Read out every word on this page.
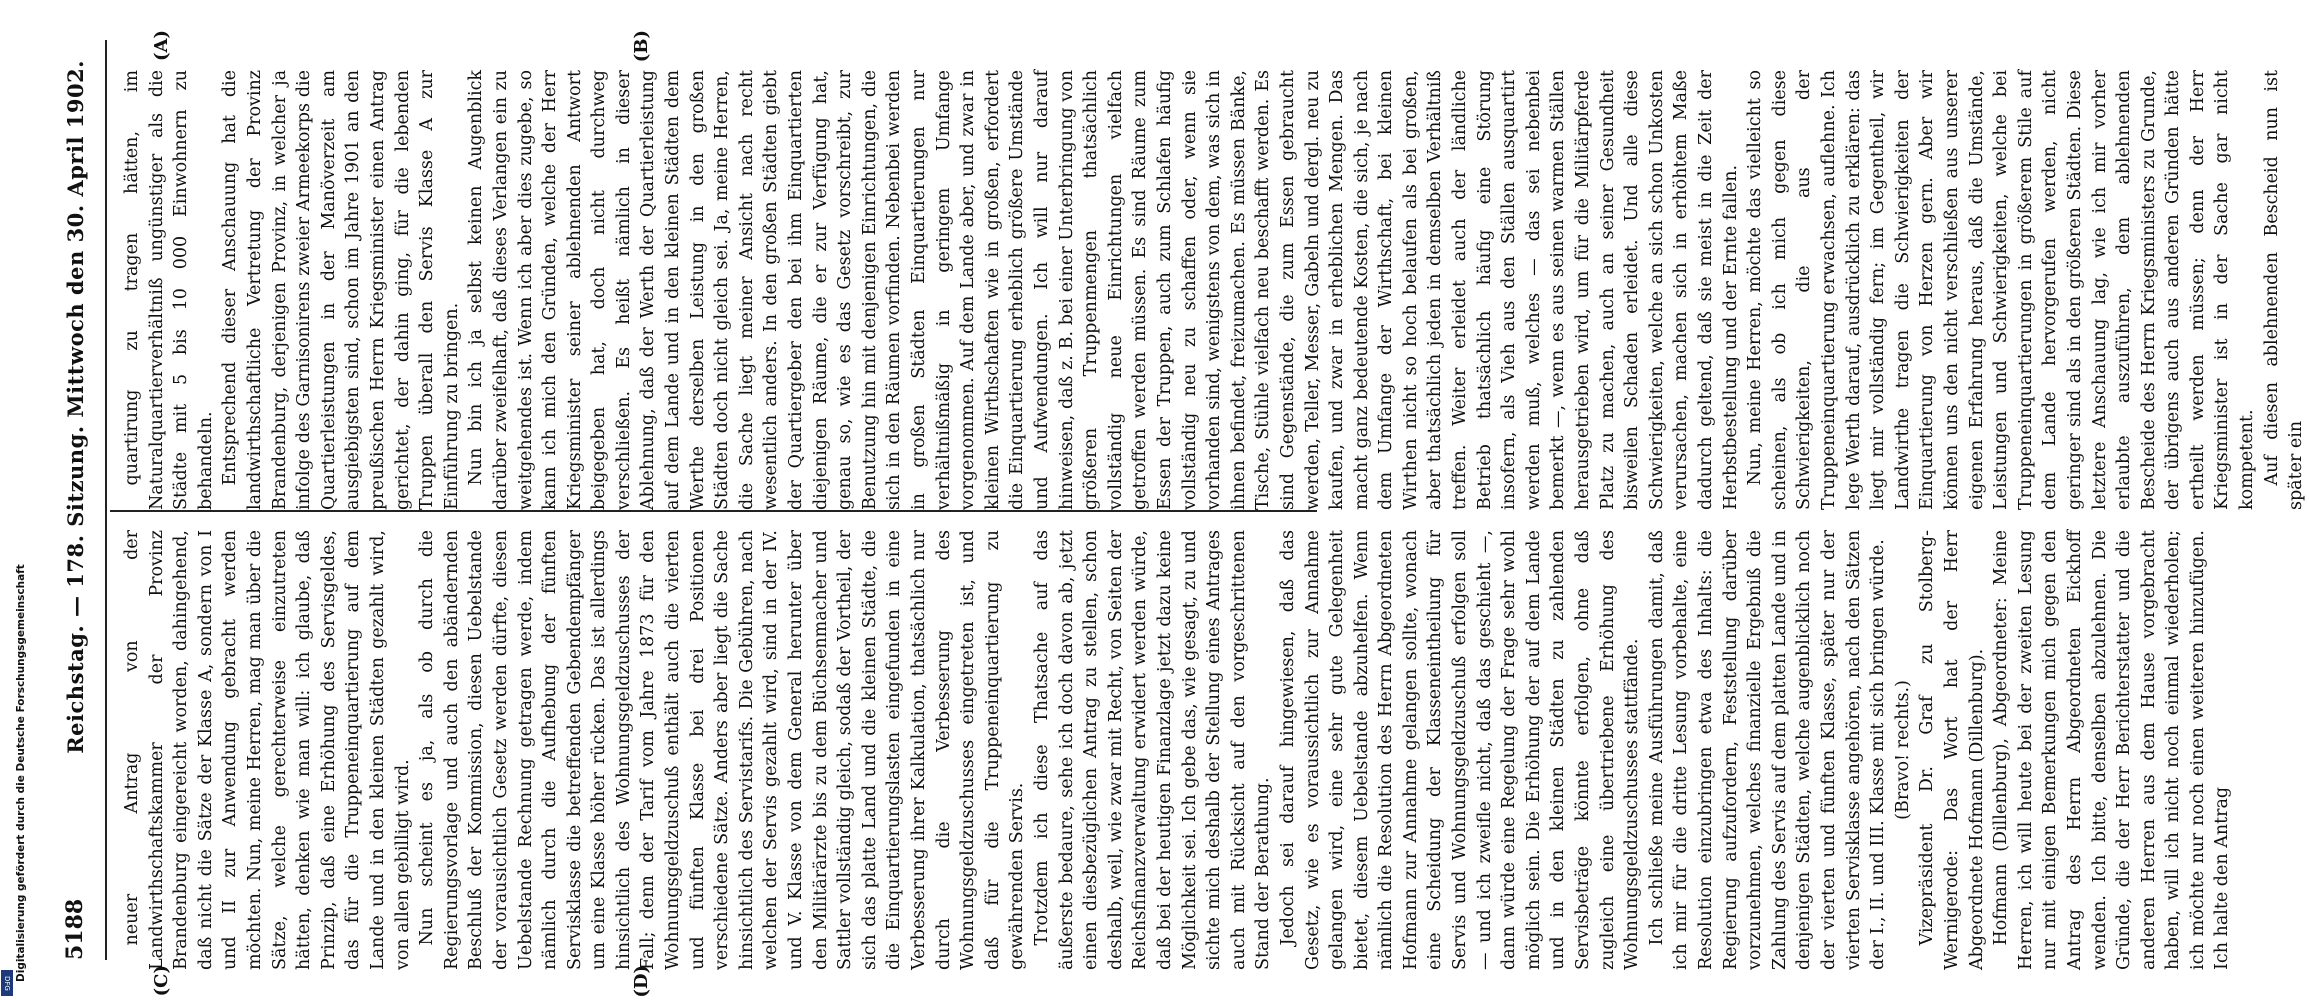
5188
Reichstag. — 178. Sitzung. Mittwoch den 30. April 1902. quartirung zu tragen hätten, im Naturalquartierverhältniß ungünstiger als die Städte mit 5 bis 10 000 Einwohnern zu behandeln. Entsprechend dieser Anschauung hat die landwirthschaftliche Vertretung der Provinz Brandenburg, derjenigen Provinz, in welcher ja infolge des Garnisonirens zweier Armeekorps die Quartierleistungen in der Manöverzeit am ausgiebigsten sind, schon im Jahre 1901 an den preußischen Herrn Kriegsminister einen Antrag gerichtet, der dahin ging, für die lebenden Truppen überall den Servis Klasse A zur Einführung zu bringen. Nun bin ich ja selbst keinen Augenblick darüber zweifelhaft, daß dieses Verlangen ein zu weitgehendes ist. Wenn ich aber dies zugebe, so kann ich mich den Gründen, welche der Herr Kriegsminister seiner ablehnenden Antwort beigegeben hat, doch nicht durchweg verschließen. Es heißt nämlich in dieser Ablehnung, daß der Werth der Quartierleistung auf dem Lande und in den kleinen Städten dem Werthe derselben Leistung in den großen Städten doch nicht gleich sei. Ja, meine Herren, die Sache liegt meiner Ansicht nach recht wesentlich anders. In den großen Städten giebt der Quartiergeber den bei ihm Einquartierten diejenigen Räume, die er zur Verfügung hat, genau so, wie es das Gesetz vorschreibt, zur Benutzung hin mit denjenigen Einrichtungen, die sich in den Räumen vorfinden. Nebenbei werden in großen Städten Einquartierungen nur verhältnißmäßig in geringem Umfange vorgenommen. Auf dem Lande aber, und zwar in kleinen Wirthschaften wie in großen, erfordert die Einquartierung erheblich größere Umstände und Aufwendungen. Ich will nur darauf hinweisen, daß z. B. bei einer Unterbringung von größeren Truppenmengen thatsächlich vollständig neue Einrichtungen vielfach getroffen werden müssen. Es sind Räume zum Essen der Truppen, auch zum Schlafen häufig vollständig neu zu schaffen oder, wenn sie vorhanden sind, wenigstens von dem, was sich in ihnen befindet, freizumachen. Es müssen Bänke, Tische, Stühle vielfach neu beschafft werden. Es sind Gegenstände, die zum Essen gebraucht werden, Teller, Messer, Gabeln und dergl. neu zu kaufen, und zwar in erheblichen Mengen. Das macht ganz bedeutende Kosten, die sich, je nach dem Umfange der Wirthschaft, bei kleinen Wirthen nicht so hoch belaufen als bei großen, aber thatsächlich jeden in demselben Verhältniß treffen. Weiter erleidet auch der ländliche Betrieb thatsächlich häufig eine Störung insofern, als Vieh aus den Ställen ausquartirt werden muß, welches — das sei nebenbei bemerkt —, wenn es aus seinen warmen Ställen herausgetrieben wird, um für die Militärpferde Platz zu machen, auch an seiner Gesundheit bisweilen Schaden erleidet. Und alle diese Schwierigkeiten, welche an sich schon Unkosten verursachen, machen sich in erhöhtem Maße dadurch geltend, daß sie meist in die Zeit der Herbstbestellung und der Ernte fallen. Nun, meine Herren, möchte das vielleicht so scheinen, als ob ich mich gegen diese Schwierigkeiten, die aus der Truppeneinquartierung erwachsen, auflehne. Ich lege Werth darauf, ausdrücklich zu erklären: das liegt mir vollständig fern; im Gegentheil, wir Landwirthe tragen die Schwierigkeiten der Einquartierung von Herzen gern. Aber wir können uns den nicht verschließen aus unserer eigenen Erfahrung heraus, daß die Umstände, Leistungen und Schwierigkeiten, welche bei Truppeneinquartierungen in größerem Stile auf dem Lande hervorgerufen werden, nicht geringer sind als in den größeren Städten. Diese letztere Anschauung lag, wie ich mir vorher erlaubte auszuführen, dem ablehnenden Bescheide des Herrn Kriegsministers zu Grunde, der übrigens auch aus anderen Gründen hätte ertheilt werden müssen; denn der Herr Kriegsminister ist in der Sache gar nicht kompetent. Auf diesen ablehnenden Bescheid nun ist später ein

neuer Antrag von der Landwirthschaftskammer der Provinz Brandenburg eingereicht worden, dahingehend, daß nicht die Sätze der Klasse A, sondern von I und II zur Anwendung gebracht werden möchten. Nun, meine Herren, mag man über die Sätze, welche gerechterweise einzutreten hätten, denken wie man will: ich glaube, daß Prinzip, daß eine Erhöhung des Servisgeldes, das für die Truppeneinquartierung auf dem Lande und in den kleinen Städten gezahlt wird, von allen gebilligt wird. Nun scheint es ja, als ob durch die Regierungsvorlage und auch den abändernden Beschluß der Kommission, diesen Uebelstande der vorausichtlich Gesetz werden dürfte, diesen Uebelstande Rechnung getragen werde, indem nämlich durch die Aufhebung der fünften Servisklasse die betreffenden Gebendempfänger um eine Klasse höher rücken. Das ist allerdings hinsichtlich des Wohnungsgeldzuschusses der Fall; denn der Tarif vom Jahre 1873 für den Wohnungsgeldzuschuß enthält auch die vierten und fünften Klasse bei drei Positionen verschiedene Sätze. Anders aber liegt die Sache hinsichtlich des Servistarifs. Die Gebühren, nach welchen der Servis gezahlt wird, sind in der IV. und V. Klasse von dem General herunter über den Militärärzte bis zu dem Büchsenmacher und Sattler vollständig gleich, sodaß der Vortheil, der sich das platte Land und die kleinen Städte, die die Einquartierungslasten eingefunden in eine Verbesserung ihrer Kalkulation, thatsächlich nur durch die Verbesserung des Wohnungsgeldzuschusses eingetreten ist, und daß für die Truppeneinquartierung zu gewährenden Servis. Trotzdem ich diese Thatsache auf das äußerste bedaure, sehe ich doch davon ab, jetzt einen diesbezüglichen Antrag zu stellen, schon deshalb, weil, wie zwar mit Recht, von Seiten der Reichsfinanzverwaltung erwidert werden würde, daß bei der heutigen Finanzlage jetzt dazu keine Möglichkeit sei. Ich gebe das, wie gesagt, zu und sichte mich deshalb der Stellung eines Antrages auch mit Rücksicht auf den vorgeschrittenen Stand der Berathung. Jedoch sei darauf hingewiesen, daß das Gesetz, wie es voraussichtlich zur Annahme gelangen wird, eine sehr gute Gelegenheit bietet, diesem Uebelstande abzuhelfen. Wenn nämlich die Resolution des Herrn Abgeordneten Hofmann zur Annahme gelangen sollte, wonach eine Scheidung der Klasseneintheilung für Servis und Wohnungsgeldzuschuß erfolgen soll — und ich zweifle nicht, daß das geschieht —, dann würde eine Regelung der Frage sehr wohl möglich sein. Die Erhöhung der auf dem Lande und in den kleinen Städten zu zahlenden Servisbeträge könnte erfolgen, ohne daß zugleich eine übertriebene Erhöhung des Wohnungsgeldzuschusses stattfände. Ich schließe meine Ausführungen damit, daß ich mir für die dritte Lesung vorbehalte, eine Resolution einzubringen etwa des Inhalts: die Regierung aufzufordern, Feststellung darüber vorzunehmen, welches finanzielle Ergebniß die Zahlung des Servis auf dem platten Lande und in denjenigen Städten, welche augenblicklich noch der vierten und fünften Klasse, später nur der vierten Servisklasse angehören, nach den Sätzen der I., II. und III. Klasse mit sich bringen würde. (Bravo! rechts.) Vizepräsident Dr. Graf zu Stolberg-Wernigerode: Das Wort hat der Herr Abgeordnete Hofmann (Dillenburg). Hofmann (Dillenburg), Abgeordneter: Meine Herren, ich will heute bei der zweiten Lesung nur mit einigen Bemerkungen mich gegen den Antrag des Herrn Abgeordneten Eickhoff wenden. Ich bitte, denselben abzulehnen. Die Gründe, die der Herr Berichterstatter und die anderen Herren aus dem Hause vorgebracht haben, will ich nicht noch einmal wiederholen; ich möchte nur noch einen weiteren hinzufügen. Ich halte den Antrag

(A)	(B)
(C)	(D)
Digitalisierung gefördert durch die Deutsche Forschungsgemeinschaft
DFG
